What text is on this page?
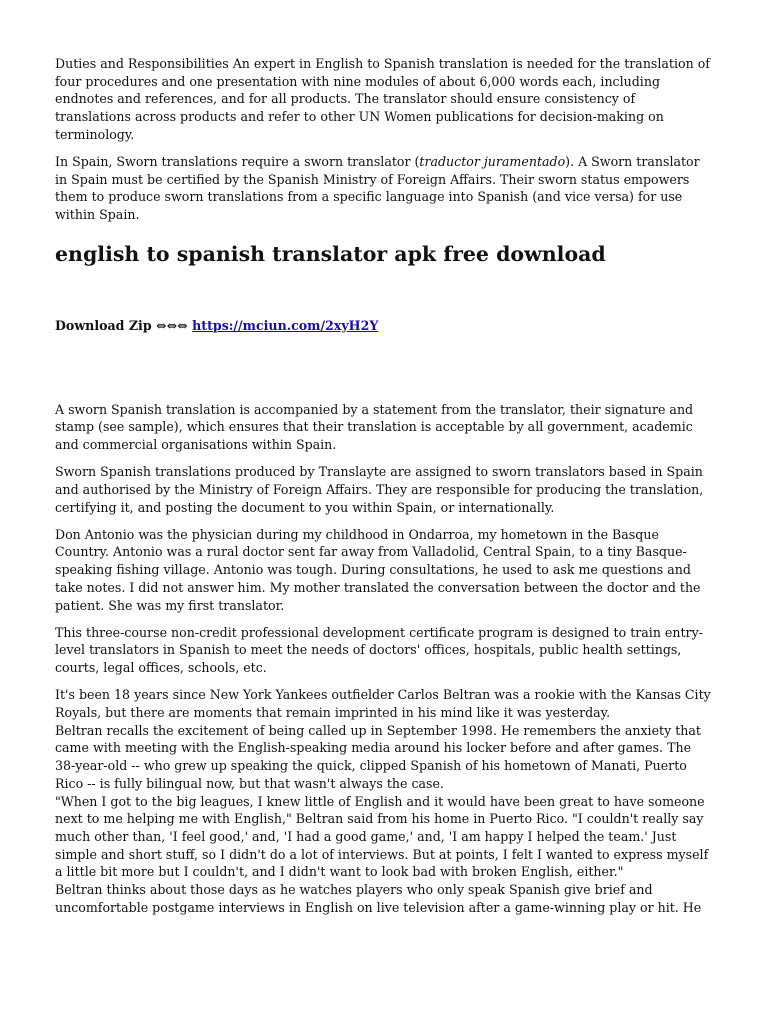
Duties and Responsibilities An expert in English to Spanish translation is needed for the translation of four procedures and one presentation with nine modules of about 6,000 words each, including endnotes and references, and for all products. The translator should ensure consistency of translations across products and refer to other UN Women publications for decision-making on terminology.

In Spain, Sworn translations require a sworn translator (traductor juramentado). A Sworn translator in Spain must be certified by the Spanish Ministry of Foreign Affairs. Their sworn status empowers them to produce sworn translations from a specific language into Spanish (and vice versa) for use within Spain.

english to spanish translator apk free download
Download Zip ⇔⇔⇔ https://mciun.com/2xyH2Y

A sworn Spanish translation is accompanied by a statement from the translator, their signature and stamp (see sample), which ensures that their translation is acceptable by all government, academic and commercial organisations within Spain.

Sworn Spanish translations produced by Translayte are assigned to sworn translators based in Spain and authorised by the Ministry of Foreign Affairs. They are responsible for producing the translation, certifying it, and posting the document to you within Spain, or internationally.

Don Antonio was the physician during my childhood in Ondarroa, my hometown in the Basque Country. Antonio was a rural doctor sent far away from Valladolid, Central Spain, to a tiny Basque-speaking fishing village. Antonio was tough. During consultations, he used to ask me questions and take notes. I did not answer him. My mother translated the conversation between the doctor and the patient. She was my first translator.

This three-course non-credit professional development certificate program is designed to train entry-level translators in Spanish to meet the needs of doctors' offices, hospitals, public health settings, courts, legal offices, schools, etc.

It's been 18 years since New York Yankees outfielder Carlos Beltran was a rookie with the Kansas City Royals, but there are moments that remain imprinted in his mind like it was yesterday.

Beltran recalls the excitement of being called up in September 1998. He remembers the anxiety that came with meeting with the English-speaking media around his locker before and after games. The 38-year-old -- who grew up speaking the quick, clipped Spanish of his hometown of Manati, Puerto Rico -- is fully bilingual now, but that wasn't always the case.

"When I got to the big leagues, I knew little of English and it would have been great to have someone next to me helping me with English," Beltran said from his home in Puerto Rico. "I couldn't really say much other than, 'I feel good,' and, 'I had a good game,' and, 'I am happy I helped the team.' Just simple and short stuff, so I didn't do a lot of interviews. But at points, I felt I wanted to express myself a little bit more but I couldn't, and I didn't want to look bad with broken English, either."

Beltran thinks about those days as he watches players who only speak Spanish give brief and uncomfortable postgame interviews in English on live television after a game-winning play or hit. He
